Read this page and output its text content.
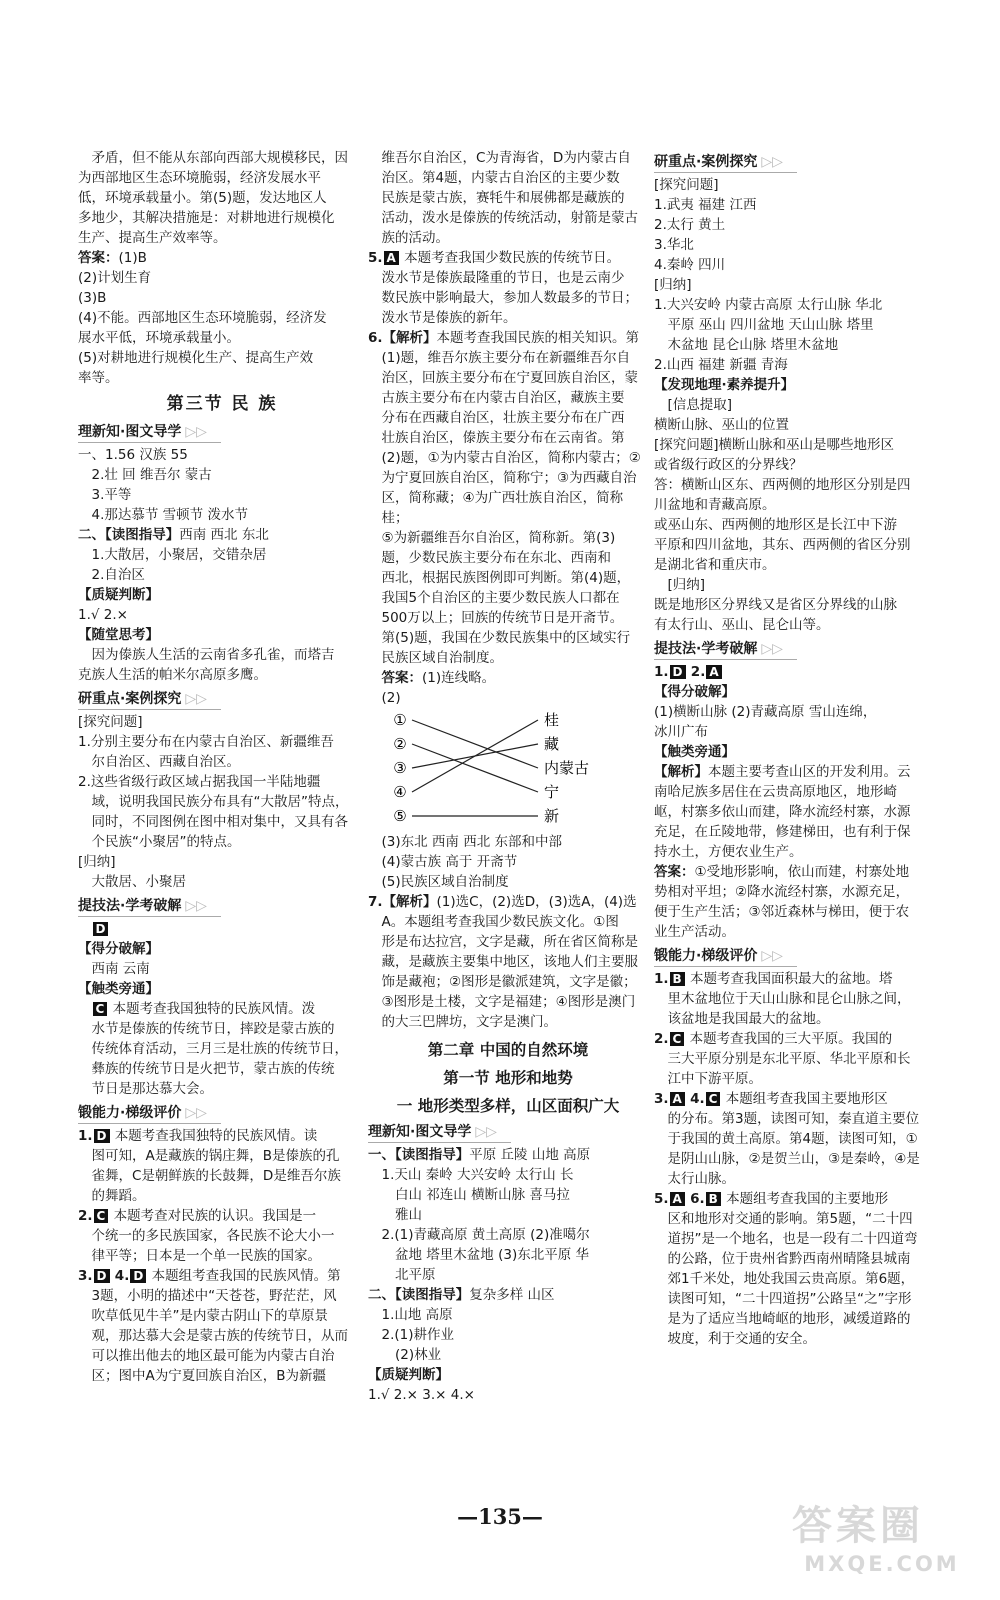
矛盾，但不能从东部向西部大规模移民，因
为西部地区生态环境脆弱，经济发展水平
低，环境承载量小。第(5)题，发达地区人
多地少，其解决措施是：对耕地进行规模化
生产、提高生产效率等。
答案：(1)B
(2)计划生育
(3)B
(4)不能。西部地区生态环境脆弱，经济发
展水平低，环境承载量小。
(5)对耕地进行规模化生产、提高生产效
率等。
第三节 民 族
理新知·图文导学 ▷▷
一、1.56 汉族 55
2.壮 回 维吾尔 蒙古
3.平等
4.那达慕节 雪顿节 泼水节
二、【读图指导】西南 西北 东北
1.大散居，小聚居，交错杂居
2.自治区
【质疑判断】
1.√ 2.×
【随堂思考】
因为傣族人生活的云南省多孔雀，而塔吉
克族人生活的帕米尔高原多鹰。
研重点·案例探究 ▷▷
[探究问题]
1.分别主要分布在内蒙古自治区、新疆维吾
尔自治区、西藏自治区。
2.这些省级行政区域占据我国一半陆地疆
域，说明我国民族分布具有“大散居”特点，
同时，不同图例在图中相对集中，又具有各
个民族“小聚居”的特点。
[归纳]
大散居、小聚居
提技法·学考破解 ▷▷
D
【得分破解】
西南 云南
【触类旁通】
C 本题考查我国独特的民族风情。泼
水节是傣族的传统节日，摔跤是蒙古族的
传统体育活动，三月三是壮族的传统节日，
彝族的传统节日是火把节，蒙古族的传统
节日是那达慕大会。
锻能力·梯级评价 ▷▷
1. D 本题考查我国独特的民族风情。读
图可知，A是藏族的锅庄舞，B是傣族的孔
雀舞，C是朝鲜族的长鼓舞，D是维吾尔族
的舞蹈。
2. C 本题考查对民族的认识。我国是一
个统一的多民族国家，各民族不论大小一
律平等；日本是一个单一民族的国家。
3. D 4. D 本题组考查我国的民族风情。第
3题，小明的描述中“天苍苍，野茫茫，风
吹草低见牛羊”是内蒙古阴山下的草原景
观，那达慕大会是蒙古族的传统节日，从而
可以推出他去的地区最可能为内蒙古自治
区；图中A为宁夏回族自治区，B为新疆
维吾尔自治区，C为青海省，D为内蒙古自
治区。第4题，内蒙古自治区的主要少数
民族是蒙古族，赛牦牛和展佛都是藏族的
活动，泼水是傣族的传统活动，射箭是蒙古
族的活动。
5. A 本题考查我国少数民族的传统节日。
泼水节是傣族最隆重的节日，也是云南少
数民族中影响最大，参加人数最多的节日；
泼水节是傣族的新年。
6.【解析】本题考查我国民族的相关知识。第
(1)题，维吾尔族主要分布在新疆维吾尔自
治区，回族主要分布在宁夏回族自治区，蒙
古族主要分布在内蒙古自治区，藏族主要
分布在西藏自治区，壮族主要分布在广西
壮族自治区，傣族主要分布在云南省。第
(2)题，①为内蒙古自治区，简称内蒙古；②
为宁夏回族自治区，简称宁；③为西藏自治
区，简称藏；④为广西壮族自治区，简称桂；
⑤为新疆维吾尔自治区，简称新。第(3)
题，少数民族主要分布在东北、西南和
西北，根据民族图例即可判断。第(4)题，
我国5个自治区的主要少数民族人口都在
500万以上；回族的传统节日是开斋节。
第(5)题，我国在少数民族集中的区域实行
民族区域自治制度。
答案：(1)连线略。
(2)
①
②
③
④
⑤
桂
藏
内蒙古
宁
新
(3)东北 西南 西北 东部和中部
(4)蒙古族 高于 开斋节
(5)民族区域自治制度
7.【解析】(1)选C，(2)选D，(3)选A，(4)选
A。本题组考查我国少数民族文化。①图
形是布达拉宫，文字是藏，所在省区简称是
藏，是藏族主要集中地区，该地人们主要服
饰是藏袍；②图形是徽派建筑，文字是徽；
③图形是土楼，文字是福建；④图形是澳门
的大三巴牌坊，文字是澳门。
第二章 中国的自然环境
第一节 地形和地势
一 地形类型多样，山区面积广大
理新知·图文导学 ▷▷
一、【读图指导】平原 丘陵 山地 高原
1.天山 秦岭 大兴安岭 太行山 长
白山 祁连山 横断山脉 喜马拉
雅山
2.(1)青藏高原 黄土高原 (2)准噶尔
盆地 塔里木盆地 (3)东北平原 华
北平原
二、【读图指导】复杂多样 山区
1.山地 高原
2.(1)耕作业
(2)林业
【质疑判断】
1.√ 2.× 3.× 4.×
研重点·案例探究 ▷▷
[探究问题]
1.武夷 福建 江西
2.太行 黄土
3.华北
4.秦岭 四川
[归纳]
1.大兴安岭 内蒙古高原 太行山脉 华北
平原 巫山 四川盆地 天山山脉 塔里
木盆地 昆仑山脉 塔里木盆地
2.山西 福建 新疆 青海
【发现地理·素养提升】
[信息提取]
横断山脉、巫山的位置
[探究问题]横断山脉和巫山是哪些地形区
或省级行政区的分界线？
答：横断山区东、西两侧的地形区分别是四
川盆地和青藏高原。
或巫山东、西两侧的地形区是长江中下游
平原和四川盆地，其东、西两侧的省区分别
是湖北省和重庆市。
[归纳]
既是地形区分界线又是省区分界线的山脉
有太行山、巫山、昆仑山等。
提技法·学考破解 ▷▷
1. D 2. A
【得分破解】
(1)横断山脉 (2)青藏高原 雪山连绵，
冰川广布
【触类旁通】
【解析】本题主要考查山区的开发利用。云
南哈尼族多居住在云贵高原地区，地形崎
岖，村寨多依山而建，降水流经村寨，水源
充足，在丘陵地带，修建梯田，也有利于保
持水土，方便农业生产。
答案：①受地形影响，依山而建，村寨处地
势相对平坦；②降水流经村寨，水源充足，
便于生产生活；③邻近森林与梯田，便于农
业生产活动。
锻能力·梯级评价 ▷▷
1. B 本题考查我国面积最大的盆地。塔
里木盆地位于天山山脉和昆仑山脉之间，
该盆地是我国最大的盆地。
2. C 本题考查我国的三大平原。我国的
三大平原分别是东北平原、华北平原和长
江中下游平原。
3. A 4. C 本题组考查我国主要地形区
的分布。第3题，读图可知，秦直道主要位
于我国的黄土高原。第4题，读图可知，①
是阴山山脉，②是贺兰山，③是秦岭，④是
太行山脉。
5. A 6. B 本题组考查我国的主要地形
区和地形对交通的影响。第5题，“二十四
道拐”是一个地名，也是一段有二十四道弯
的公路，位于贵州省黔西南州晴隆县城南
郊1千米处，地处我国云贵高原。第6题，
读图可知，“二十四道拐”公路呈“之”字形
是为了适应当地崎岖的地形，减缓道路的
坡度，利于交通的安全。
—135—	答案圈
MXQE.COM
